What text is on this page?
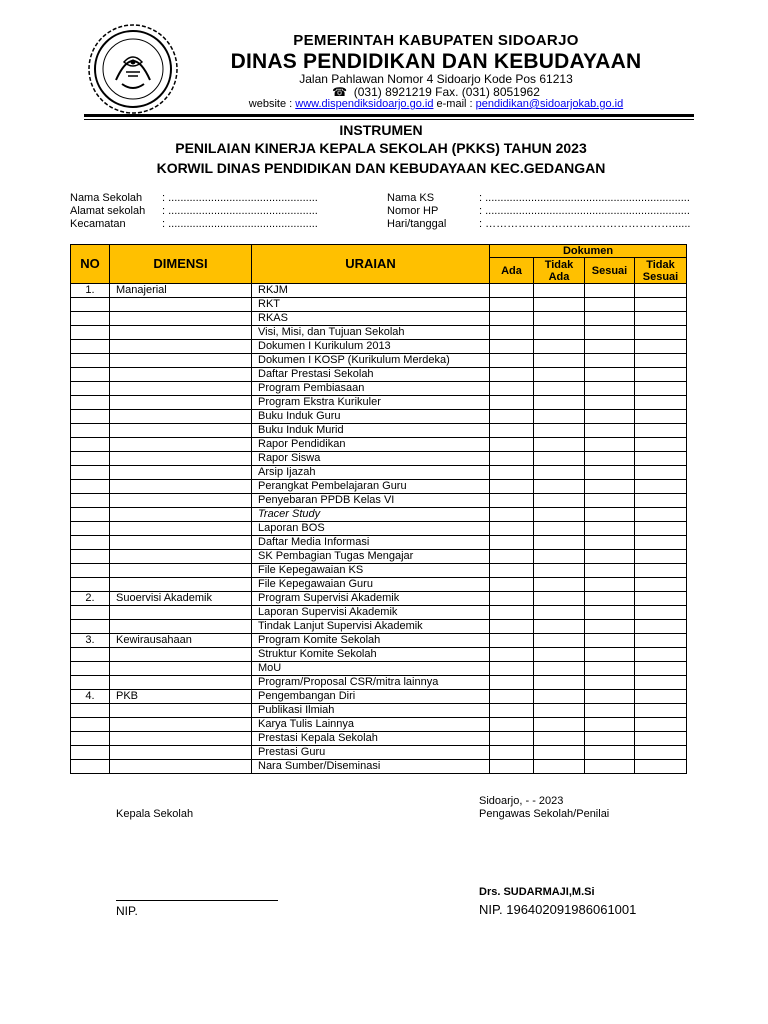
PEMERINTAH KABUPATEN SIDOARJO
DINAS PENDIDIKAN DAN KEBUDAYAAN
Jalan Pahlawan Nomor 4 Sidoarjo Kode Pos 61213
☎ (031) 8921219 Fax. (031) 8051962
website : www.dispendiksidoarjo.go.id e-mail : pendidikan@sidoarjokab.go.id
INSTRUMEN
PENILAIAN KINERJA KEPALA SEKOLAH (PKKS) TAHUN 2023
KORWIL DINAS PENDIDIKAN DAN KEBUDAYAAN KEC.GEDANGAN
Nama Sekolah : .................................................
Alamat sekolah : .................................................
Kecamatan	: .................................................
Nama KS	: ...................................................................
Nomor HP	: ...................................................................
Hari/tanggal	: ……………………………………………......
NO	DIMENSI	URAIAN	Dokumen			
			Ada	Tidak Ada	Sesuai	Tidak Sesuai
1.	Manajerial	RKJM				
		RKT				
		RKAS				
		Visi, Misi, dan Tujuan Sekolah				
		Dokumen I Kurikulum 2013				
		Dokumen I KOSP (Kurikulum Merdeka)				
		Daftar Prestasi Sekolah				
		Program Pembiasaan				
		Program Ekstra Kurikuler				
		Buku Induk Guru				
		Buku Induk Murid				
		Rapor Pendidikan				
		Rapor Siswa				
		Arsip Ijazah				
		Perangkat Pembelajaran Guru				
		Penyebaran PPDB Kelas VI				
		Tracer Study				
		Laporan BOS				
		Daftar Media Informasi				
		SK Pembagian Tugas Mengajar				
		File Kepegawaian KS				
		File Kepegawaian Guru				
2.	Suoervisi Akademik	Program Supervisi Akademik				
		Laporan Supervisi Akademik				
		Tindak Lanjut Supervisi Akademik				
3.	Kewirausahaan	Program Komite Sekolah				
		Struktur Komite Sekolah				
		MoU				
		Program/Proposal CSR/mitra lainnya				
4.	PKB	Pengembangan Diri				
		Publikasi Ilmiah				
		Karya Tulis Lainnya				
		Prestasi Kepala Sekolah				
		Prestasi Guru				
		Nara Sumber/Diseminasi				
Sidoarjo, - - 2023
Kepala Sekolah	Pengawas Sekolah/Penilai
Drs. SUDARMAJI,M.Si
NIP.	NIP. 196402091986061001
